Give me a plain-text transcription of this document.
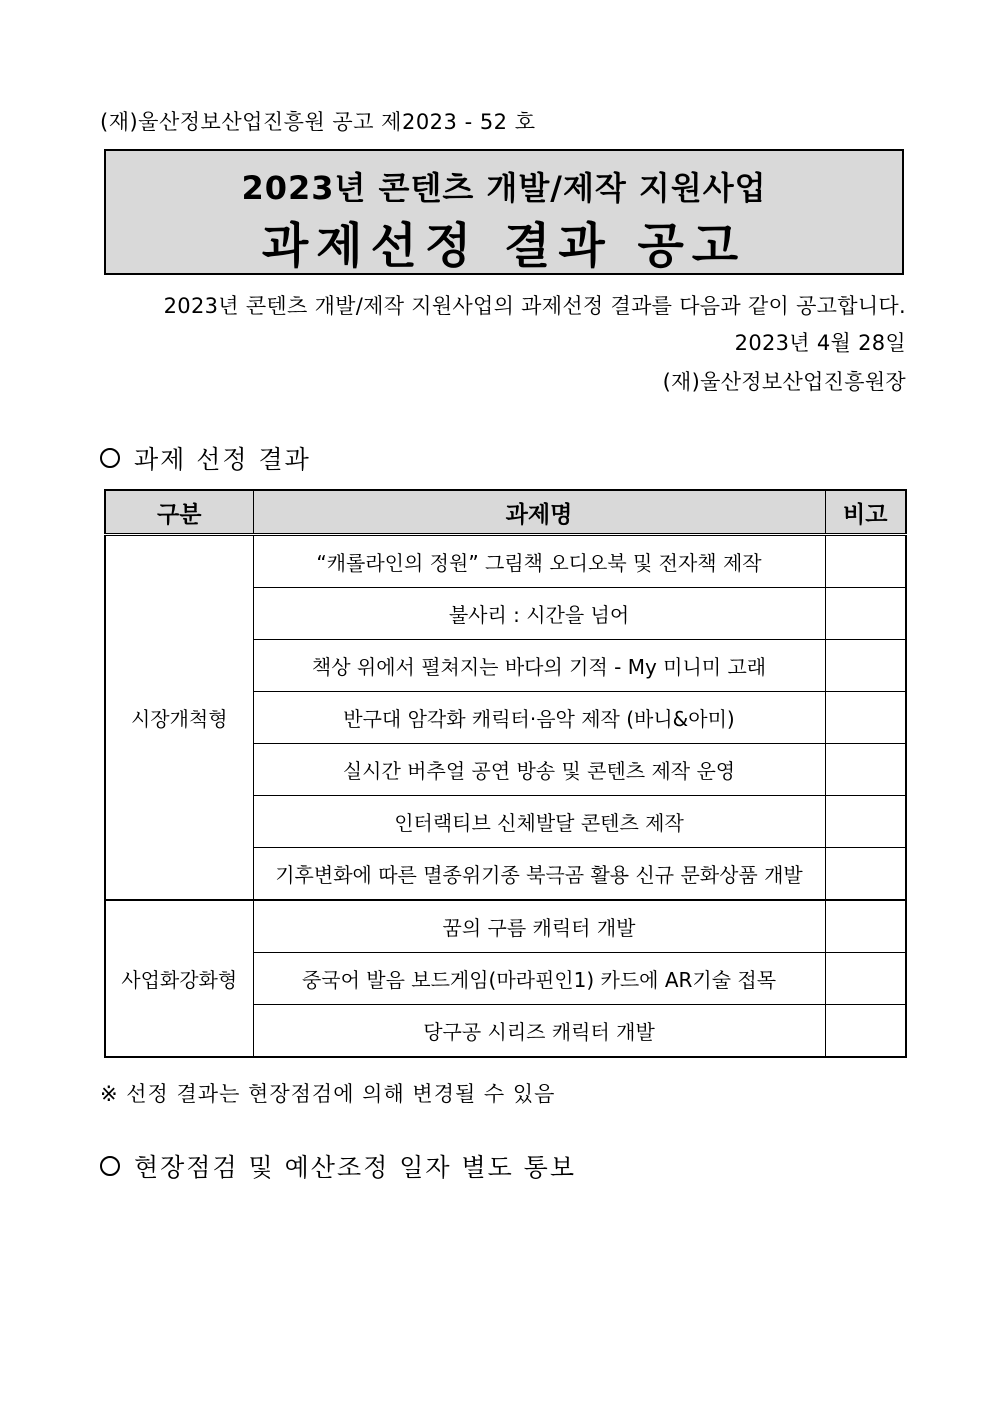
(재)울산정보산업진흥원 공고 제2023 - 52 호
2023년 콘텐츠 개발/제작 지원사업
과제선정 결과 공고
2023년 콘텐츠 개발/제작 지원사업의 과제선정 결과를 다음과 같이 공고합니다.
2023년 4월 28일
(재)울산정보산업진흥원장
과제 선정 결과
구분	과제명	비고
시장개척형	“캐롤라인의 정원” 그림책 오디오북 및 전자책 제작	
	불사리 : 시간을 넘어	
	책상 위에서 펼쳐지는 바다의 기적 - My 미니미 고래	
	반구대 암각화 캐릭터·음악 제작 (바니&아미)	
	실시간 버추얼 공연 방송 및 콘텐츠 제작 운영	
	인터랙티브 신체발달 콘텐츠 제작	
	기후변화에 따른 멸종위기종 북극곰 활용 신규 문화상품 개발	
사업화강화형	꿈의 구름 캐릭터 개발	
	중국어 발음 보드게임(마라핀인1) 카드에 AR기술 접목	
	당구공 시리즈 캐릭터 개발	
※ 선정 결과는 현장점검에 의해 변경될 수 있음
현장점검 및 예산조정 일자 별도 통보
